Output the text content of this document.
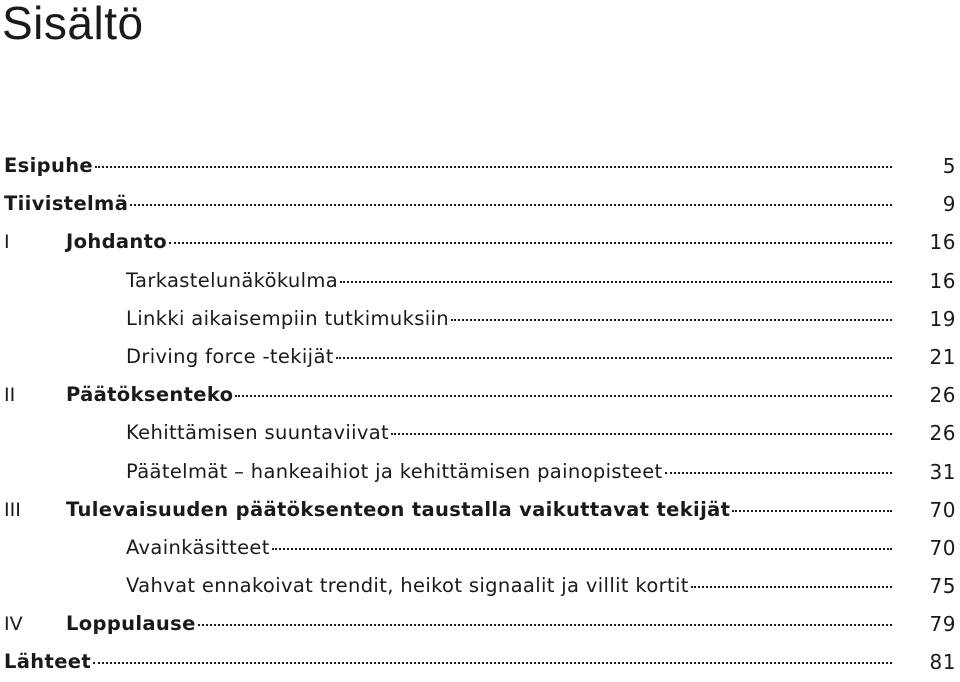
Sisältö
Esipuhe	5
Tiivistelmä	9
I	Johdanto	16
Tarkastelunäkökulma	16
Linkki aikaisempiin tutkimuksiin	19
Driving force -tekijät	21
II	Päätöksenteko	26
Kehittämisen suuntaviivat	26
Päätelmät – hankeaihiot ja kehittämisen painopisteet	31
III Tulevaisuuden päätöksenteon taustalla vaikuttavat tekijät	70
Avainkäsitteet	70
Vahvat ennakoivat trendit, heikot signaalit ja villit kortit	75
IV Loppulause	79
Lähteet	81
